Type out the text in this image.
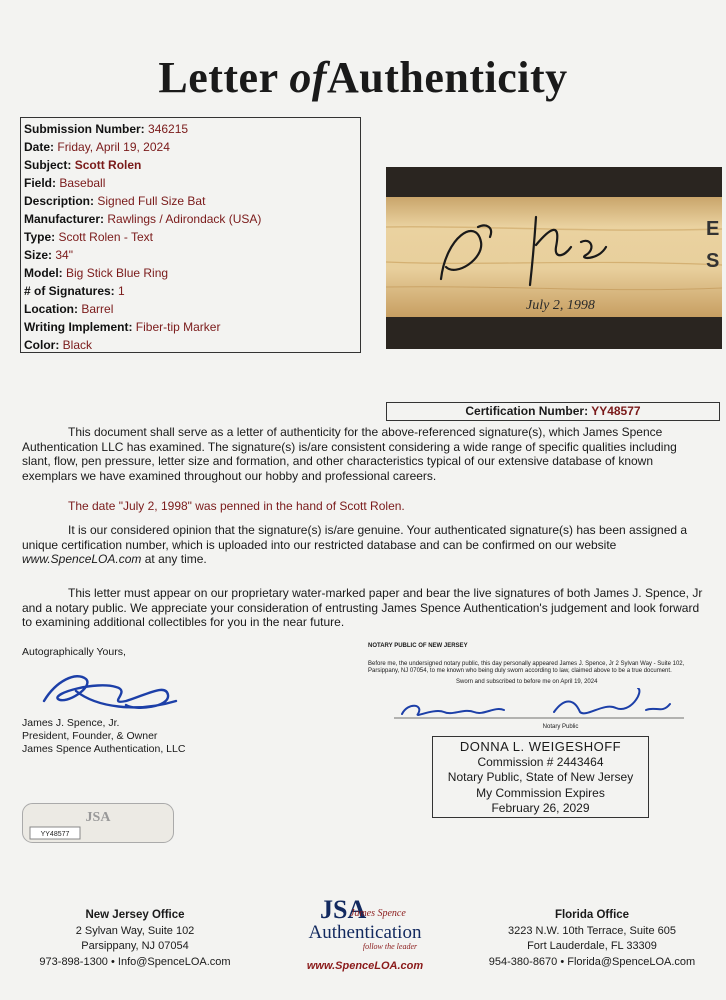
Letter ofAuthenticity
Submission Number: 346215
Date: Friday, April 19, 2024
Subject: Scott Rolen
Field: Baseball
Description: Signed Full Size Bat
Manufacturer: Rawlings / Adirondack (USA)
Type: Scott Rolen - Text
Size: 34"
Model: Big Stick Blue Ring
# of Signatures: 1
Location: Barrel
Writing Implement: Fiber-tip Marker
Color: Black
E
S
July 2, 1998
Certification Number: YY48577
This document shall serve as a letter of authenticity for the above-referenced signature(s), which James Spence Authentication LLC has examined. The signature(s) is/are consistent considering a wide range of specific qualities including slant, flow, pen pressure, letter size and formation, and other characteristics typical of our extensive database of known exemplars we have examined throughout our hobby and professional careers.
The date "July 2, 1998" was penned in the hand of Scott Rolen.
It is our considered opinion that the signature(s) is/are genuine. Your authenticated signature(s) has been assigned a unique certification number, which is uploaded into our restricted database and can be confirmed on our website www.SpenceLOA.com at any time.
This letter must appear on our proprietary water-marked paper and bear the live signatures of both James J. Spence, Jr and a notary public. We appreciate your consideration of entrusting James Spence Authentication's judgement and look forward to examining additional collectibles for you in the near future.
Autographically Yours,
James J. Spence, Jr.
President, Founder, & Owner
James Spence Authentication, LLC
JSA
YY48577
NOTARY PUBLIC OF NEW JERSEY
Before me, the undersigned notary public, this day personally appeared James J. Spence, Jr 2 Sylvan Way - Suite 102, Parsippany, NJ 07054, to me known who being duly sworn according to law, claimed above to be a true document.
Sworn and subscribed to before me on April 19, 2024
Notary Public
DONNA L. WEIGESHOFF
Commission # 2443464
Notary Public, State of New Jersey
My Commission Expires
February 26, 2029
New Jersey Office
2 Sylvan Way, Suite 102
Parsippany, NJ 07054
973-898-1300 • Info@SpenceLOA.com
JSA
James Spence
Authentication
follow the leader
www.SpenceLOA.com
Florida Office
3223 N.W. 10th Terrace, Suite 605
Fort Lauderdale, FL 33309
954-380-8670 • Florida@SpenceLOA.com
